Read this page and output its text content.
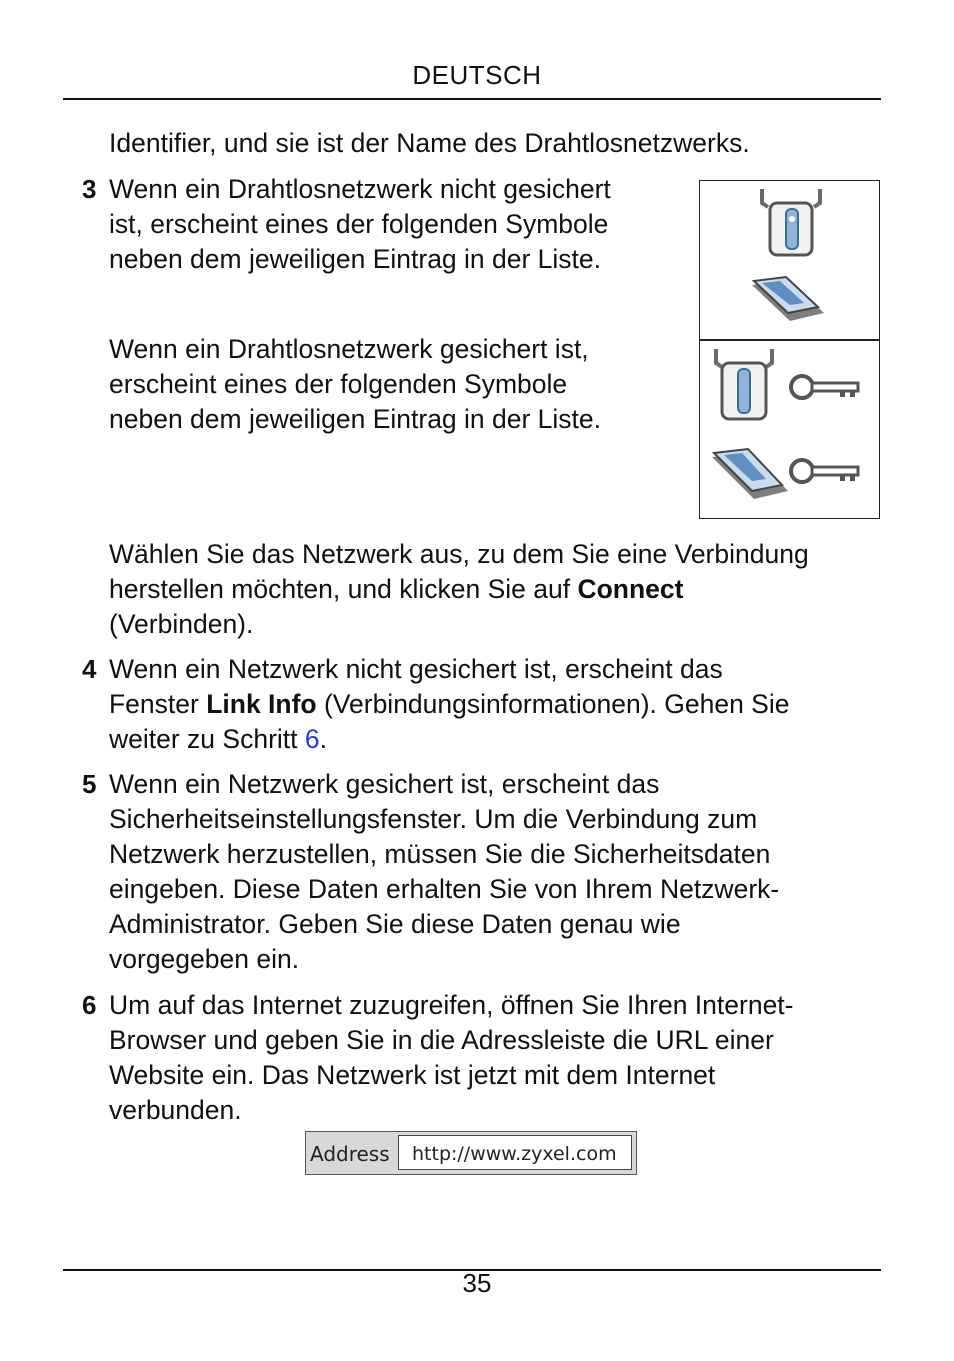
DEUTSCH

Identifier, und sie ist der Name des Drahtlosnetzwerks.

3 Wenn ein Drahtlosnetzwerk nicht gesichert
ist, erscheint eines der folgenden Symbole
neben dem jeweiligen Eintrag in der Liste.

Wenn ein Drahtlosnetzwerk gesichert ist,
erscheint eines der folgenden Symbole
neben dem jeweiligen Eintrag in der Liste.

Wählen Sie das Netzwerk aus, zu dem Sie eine Verbindung
herstellen möchten, und klicken Sie auf Connect
(Verbinden).

4 Wenn ein Netzwerk nicht gesichert ist, erscheint das
Fenster Link Info (Verbindungsinformationen). Gehen Sie
weiter zu Schritt 6.

5 Wenn ein Netzwerk gesichert ist, erscheint das
Sicherheitseinstellungsfenster. Um die Verbindung zum
Netzwerk herzustellen, müssen Sie die Sicherheitsdaten
eingeben. Diese Daten erhalten Sie von Ihrem Netzwerk-
Administrator. Geben Sie diese Daten genau wie
vorgegeben ein.

6 Um auf das Internet zuzugreifen, öffnen Sie Ihren Internet-
Browser und geben Sie in die Adressleiste die URL einer
Website ein. Das Netzwerk ist jetzt mit dem Internet
verbunden.

Address http://www.zyxel.com
35
